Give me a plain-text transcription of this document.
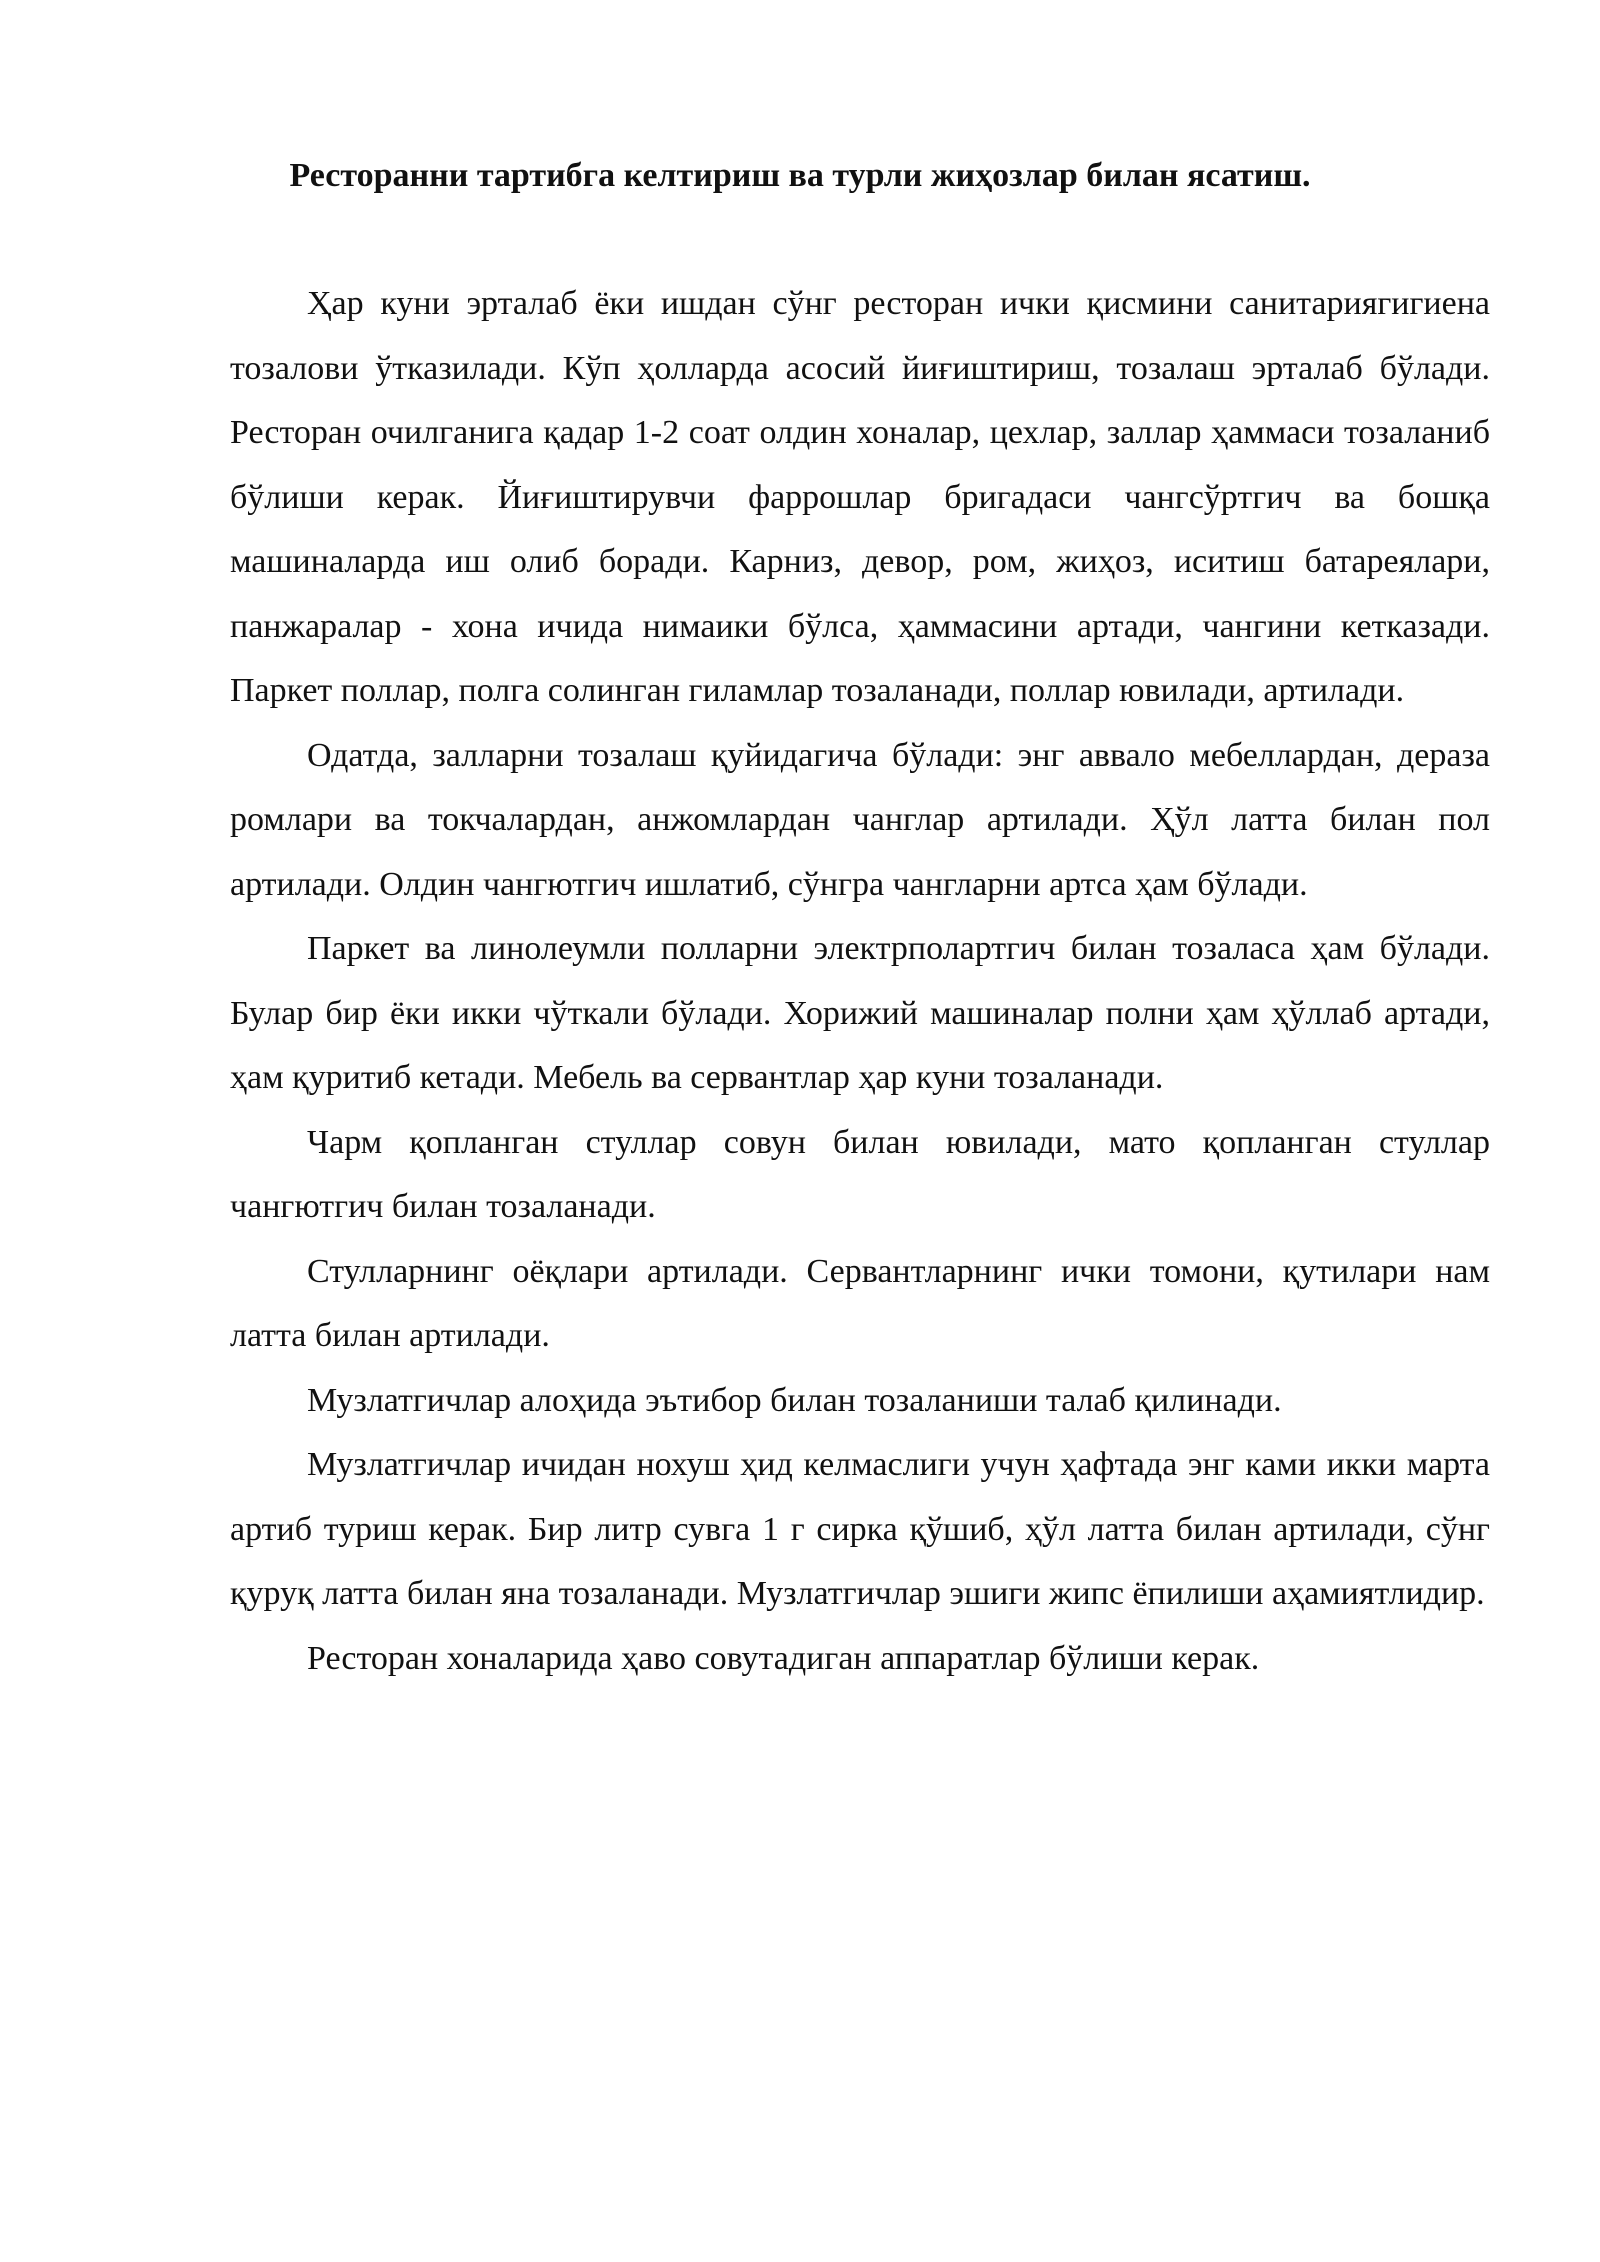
Ресторанни тартибга келтириш ва турли жиҳозлар билан ясатиш.

Ҳар куни эрталаб ёки ишдан сўнг ресторан ички қисмини санитариягигиена тозалови ўтказилади. Кўп ҳолларда асосий йиғиштириш, тозалаш эрталаб бўлади. Ресторан очилганига қадар 1-2 соат олдин хоналар, цехлар, заллар ҳаммаси тозаланиб бўлиши керак. Йиғиштирувчи фаррошлар бригадаси чангсўртгич ва бошқа машиналарда иш олиб боради. Карниз, девор, ром, жиҳоз, иситиш батареялари, панжаралар - хона ичида нимаики бўлса, ҳаммасини артади, чангини кетказади. Паркет поллар, полга солинган гиламлар тозаланади, поллар ювилади, артилади.

Одатда, залларни тозалаш қуйидагича бўлади: энг аввало мебеллардан, дераза ромлари ва токчалардан, анжомлардан чанглар артилади. Ҳўл латта билан пол артилади. Олдин чангютгич ишлатиб, сўнгра чангларни артса ҳам бўлади.

Паркет ва линолеумли полларни электрполартгич билан тозаласа ҳам бўлади. Булар бир ёки икки чўткали бўлади. Хорижий машиналар полни ҳам ҳўллаб артади, ҳам қуритиб кетади. Мебель ва сервантлар ҳар куни тозаланади.

Чарм қопланган стуллар совун билан ювилади, мато қопланган стуллар чангютгич билан тозаланади.

Стулларнинг оёқлари артилади. Сервантларнинг ички томони, қутилари нам латта билан артилади.

Музлатгичлар алоҳида эътибор билан тозаланиши талаб қилинади.

Музлатгичлар ичидан нохуш ҳид келмаслиги учун ҳафтада энг ками икки марта артиб туриш керак. Бир литр сувга 1 г сирка қўшиб, ҳўл латта билан артилади, сўнг қуруқ латта билан яна тозаланади. Музлатгичлар эшиги жипс ёпилиши аҳамиятлидир.

Ресторан хоналарида ҳаво совутадиган аппаратлар бўлиши керак.
